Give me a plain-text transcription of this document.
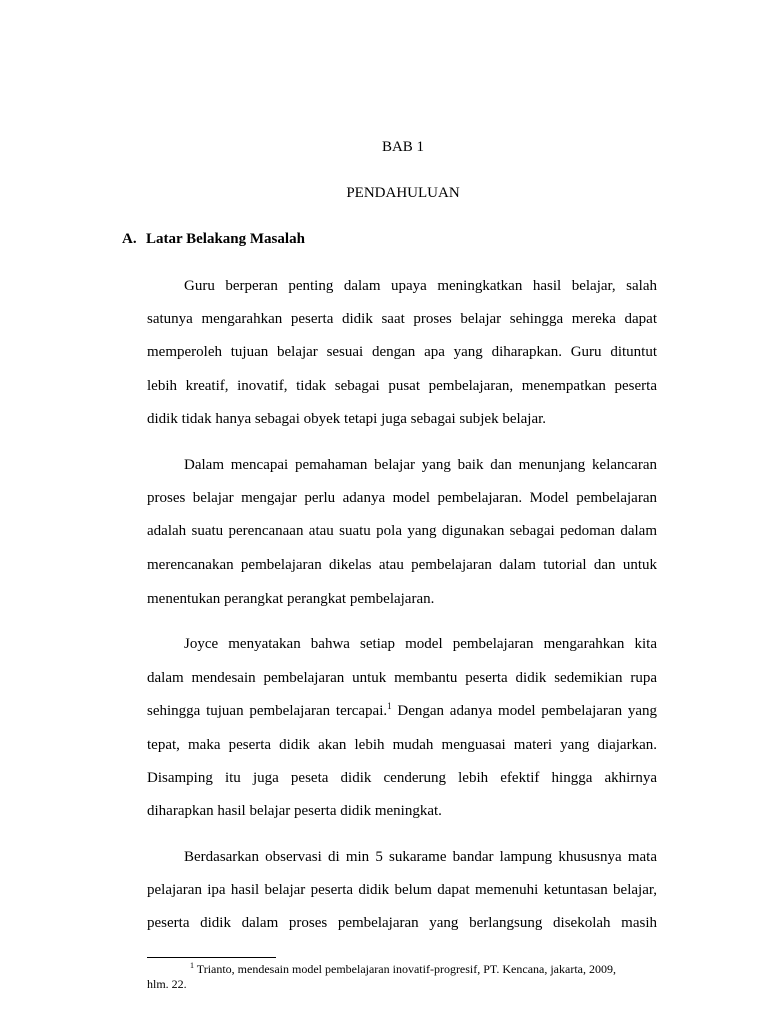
BAB 1
PENDAHULUAN
A. Latar Belakang Masalah
Guru berperan penting dalam upaya meningkatkan hasil belajar, salah
satunya mengarahkan peserta didik saat proses belajar sehingga mereka dapat
memperoleh tujuan belajar sesuai dengan apa yang diharapkan. Guru dituntut
lebih kreatif, inovatif, tidak sebagai pusat pembelajaran, menempatkan peserta
didik tidak hanya sebagai obyek tetapi juga sebagai subjek belajar.
Dalam mencapai pemahaman belajar yang baik dan menunjang kelancaran
proses belajar mengajar perlu adanya model pembelajaran. Model pembelajaran
adalah suatu perencanaan atau suatu pola yang digunakan sebagai pedoman dalam
merencanakan pembelajaran dikelas atau pembelajaran dalam tutorial dan untuk
menentukan perangkat perangkat pembelajaran.
Joyce menyatakan bahwa setiap model pembelajaran mengarahkan kita
dalam mendesain pembelajaran untuk membantu peserta didik sedemikian rupa
sehingga tujuan pembelajaran tercapai.$^1$ Dengan adanya model pembelajaran yang
tepat, maka peserta didik akan lebih mudah menguasai materi yang diajarkan.
Disamping itu juga peseta didik cenderung lebih efektif hingga akhirnya
diharapkan hasil belajar peserta didik meningkat.
Berdasarkan observasi di min 5 sukarame bandar lampung khususnya mata
pelajaran ipa hasil belajar peserta didik belum dapat memenuhi ketuntasan belajar,
peserta didik dalam proses pembelajaran yang berlangsung disekolah masih
$^1$ Trianto, mendesain model pembelajaran inovatif-progresif, PT. Kencana, jakarta, 2009,
hlm. 22.
